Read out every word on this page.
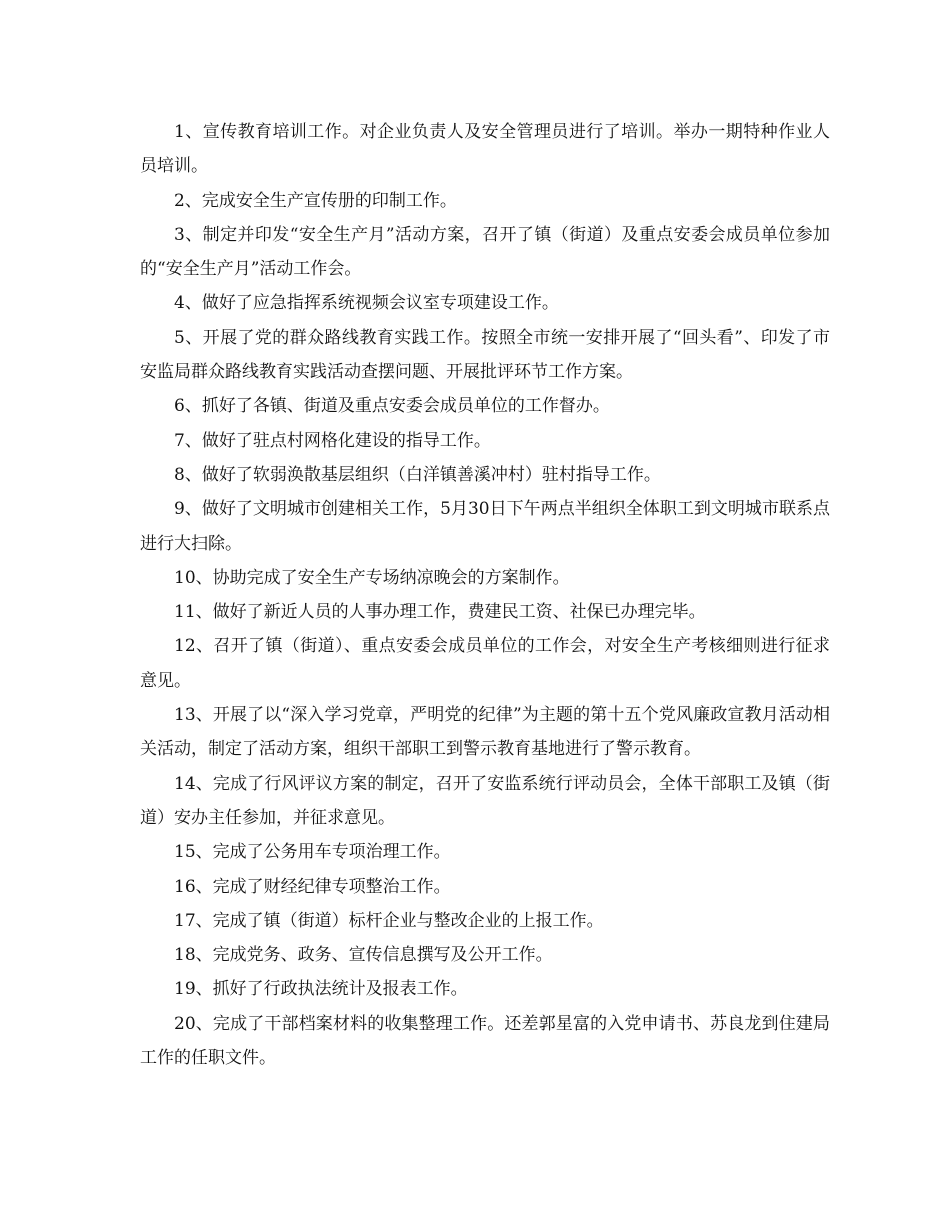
1、宣传教育培训工作。对企业负责人及安全管理员进行了培训。举办一期特种作业人员培训。

2、完成安全生产宣传册的印制工作。

3、制定并印发“安全生产月”活动方案，召开了镇（街道）及重点安委会成员单位参加的“安全生产月”活动工作会。

4、做好了应急指挥系统视频会议室专项建设工作。

5、开展了党的群众路线教育实践工作。按照全市统一安排开展了“回头看”、印发了市安监局群众路线教育实践活动查摆问题、开展批评环节工作方案。

6、抓好了各镇、街道及重点安委会成员单位的工作督办。

7、做好了驻点村网格化建设的指导工作。

8、做好了软弱涣散基层组织（白洋镇善溪冲村）驻村指导工作。

9、做好了文明城市创建相关工作，5月30日下午两点半组织全体职工到文明城市联系点进行大扫除。

10、协助完成了安全生产专场纳凉晚会的方案制作。

11、做好了新近人员的人事办理工作，费建民工资、社保已办理完毕。

12、召开了镇（街道）、重点安委会成员单位的工作会，对安全生产考核细则进行征求意见。

13、开展了以“深入学习党章，严明党的纪律”为主题的第十五个党风廉政宣教月活动相关活动，制定了活动方案，组织干部职工到警示教育基地进行了警示教育。

14、完成了行风评议方案的制定，召开了安监系统行评动员会，全体干部职工及镇（街道）安办主任参加，并征求意见。

15、完成了公务用车专项治理工作。

16、完成了财经纪律专项整治工作。

17、完成了镇（街道）标杆企业与整改企业的上报工作。

18、完成党务、政务、宣传信息撰写及公开工作。

19、抓好了行政执法统计及报表工作。

20、完成了干部档案材料的收集整理工作。还差郭星富的入党申请书、苏良龙到住建局工作的任职文件。
